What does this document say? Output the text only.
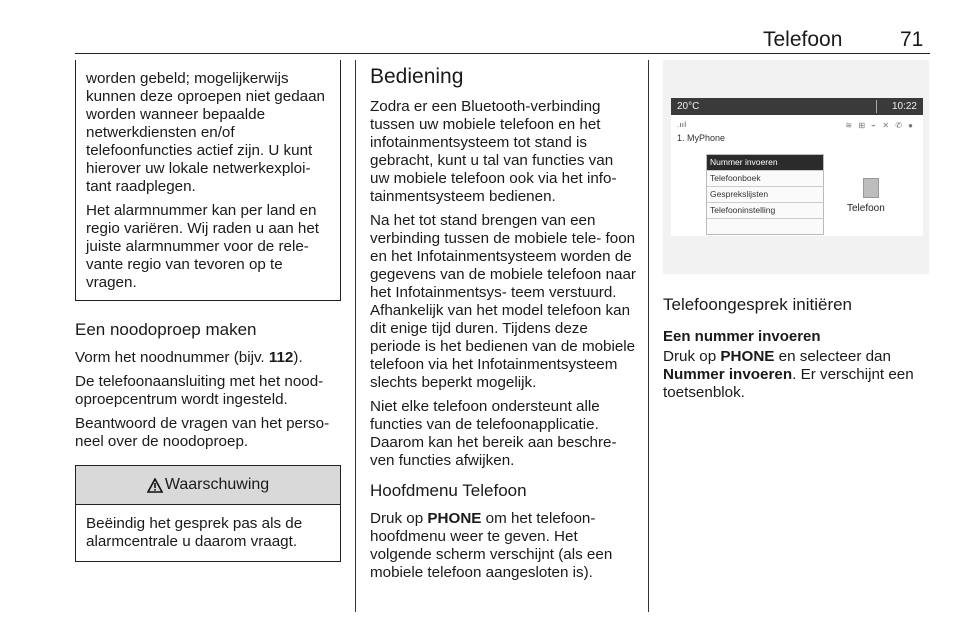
Telefoon	71

worden gebeld; mogelijkerwijs kunnen deze oproepen niet gedaan worden wanneer bepaalde netwerkdiensten en/of telefoonfuncties actief zijn. U kunt hierover uw lokale netwerkexploi- tant raadplegen.

Het alarmnummer kan per land en regio variëren. Wij raden u aan het juiste alarmnummer voor de rele- vante regio van tevoren op te vragen.

Een noodoproep maken

Vorm het noodnummer (bijv. 112).

De telefoonaansluiting met het nood- oproepcentrum wordt ingesteld.

Beantwoord de vragen van het perso- neel over de noodoproep.

Waarschuwing
Beëindig het gesprek pas als de alarmcentrale u daarom vraagt.
Bediening

Zodra er een Bluetooth-verbinding tussen uw mobiele telefoon en het infotainmentsysteem tot stand is gebracht, kunt u tal van functies van uw mobiele telefoon ook via het info- tainmentsysteem bedienen.

Na het tot stand brengen van een verbinding tussen de mobiele tele- foon en het Infotainmentsysteem worden de gegevens van de mobiele telefoon naar het Infotainmentsys- teem verstuurd. Afhankelijk van het model telefoon kan dit enige tijd duren. Tijdens deze periode is het bedienen van de mobiele telefoon via het Infotainmentsysteem slechts beperkt mogelijk.

Niet elke telefoon ondersteunt alle functies van de telefoonapplicatie. Daarom kan het bereik aan beschre- ven functies afwijken.

Hoofdmenu Telefoon

Druk op PHONE om het telefoon- hoofdmenu weer te geven. Het volgende scherm verschijnt (als een mobiele telefoon aangesloten is).

20°C	10:22
.ııl	≋ ⊞ ⌁ ✕ ✆ ●
1. MyPhone
Nummer invoeren
Telefoonboek
Gesprekslijsten
Telefooninstelling	Telefoon
Telefoongesprek initiëren
Een nummer invoeren

Druk op PHONE en selecteer dan Nummer invoeren. Er verschijnt een toetsenblok.
